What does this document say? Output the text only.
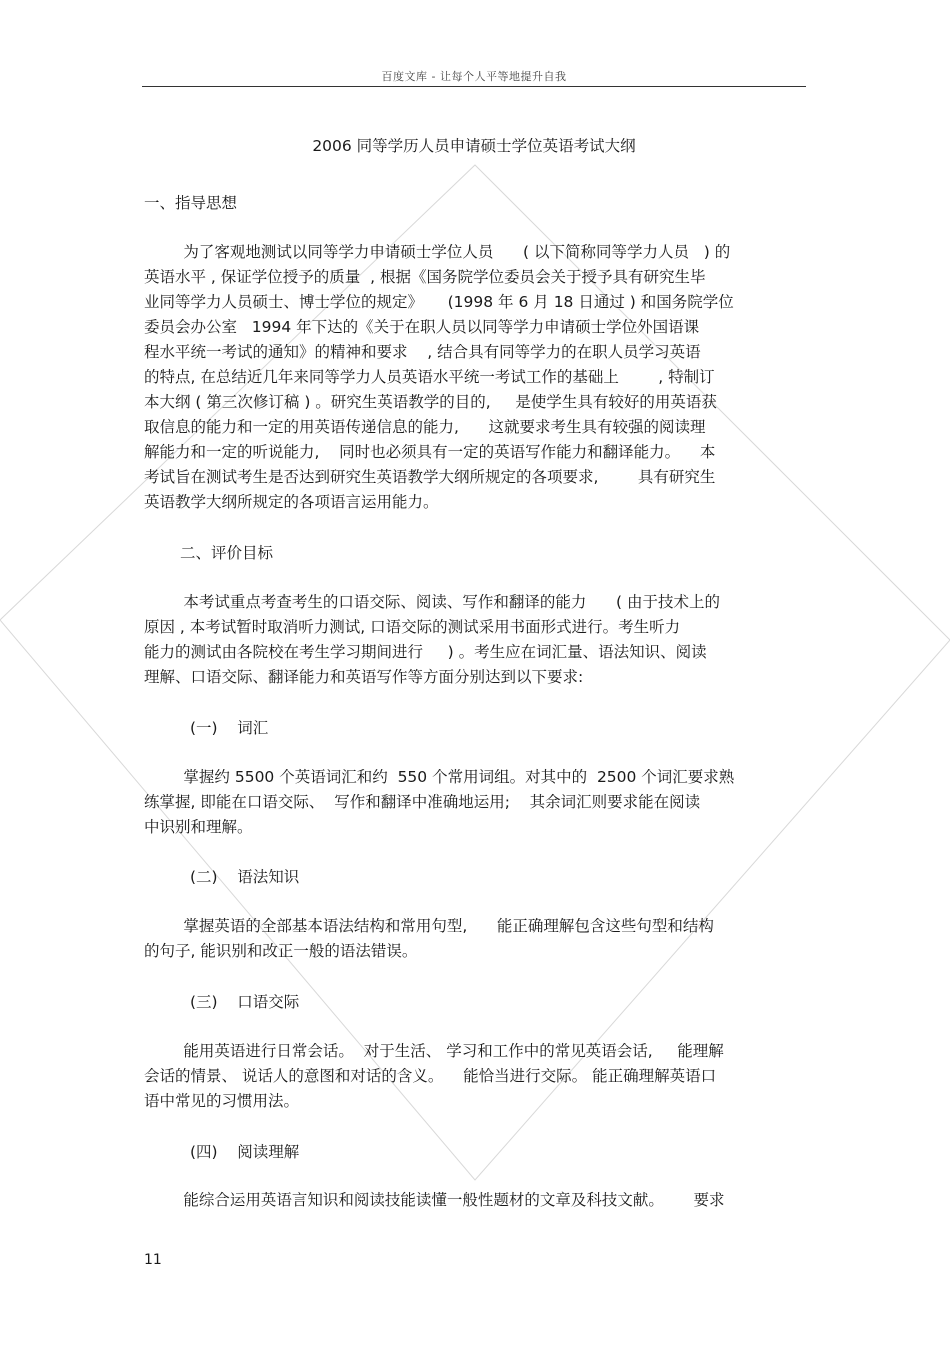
百度文库 - 让每个人平等地提升自我
2006 同等学历人员申请硕士学位英语考试大纲
一、指导思想
为了客观地测试以同等学力申请硕士学位人员      ( 以下简称同等学力人员   ) 的
英语水平 , 保证学位授予的质量  , 根据《国务院学位委员会关于授予具有研究生毕
业同等学力人员硕士、博士学位的规定》     (1998 年 6 月 18 日通过 ) 和国务院学位
委员会办公室   1994 年下达的《关于在职人员以同等学力申请硕士学位外国语课
程水平统一考试的通知》的精神和要求    , 结合具有同等学力的在职人员学习英语
的特点, 在总结近几年来同等学力人员英语水平统一考试工作的基础上        , 特制订
本大纲 ( 第三次修订稿 ) 。研究生英语教学的目的,     是使学生具有较好的用英语获
取信息的能力和一定的用英语传递信息的能力,      这就要求考生具有较强的阅读理
解能力和一定的听说能力,    同时也必须具有一定的英语写作能力和翻译能力。    本
考试旨在测试考生是否达到研究生英语教学大纲所规定的各项要求,        具有研究生
英语教学大纲所规定的各项语言运用能力。
二、评价目标
本考试重点考查考生的口语交际、阅读、写作和翻译的能力      ( 由于技术上的
原因 , 本考试暂时取消听力测试, 口语交际的测试采用书面形式进行。考生听力
能力的测试由各院校在考生学习期间进行     ) 。考生应在词汇量、语法知识、阅读
理解、口语交际、翻译能力和英语写作等方面分别达到以下要求:
(一)    词汇
掌握约 5500 个英语词汇和约  550 个常用词组。对其中的  2500 个词汇要求熟
练掌握, 即能在口语交际、  写作和翻译中准确地运用;    其余词汇则要求能在阅读
中识别和理解。
(二)    语法知识
掌握英语的全部基本语法结构和常用句型,      能正确理解包含这些句型和结构
的句子, 能识别和改正一般的语法错误。
(三)    口语交际
能用英语进行日常会话。  对于生活、 学习和工作中的常见英语会话,     能理解
会话的情景、 说话人的意图和对话的含义。    能恰当进行交际。 能正确理解英语口
语中常见的习惯用法。
(四)    阅读理解
能综合运用英语言知识和阅读技能读懂一般性题材的文章及科技文献。      要求
11
